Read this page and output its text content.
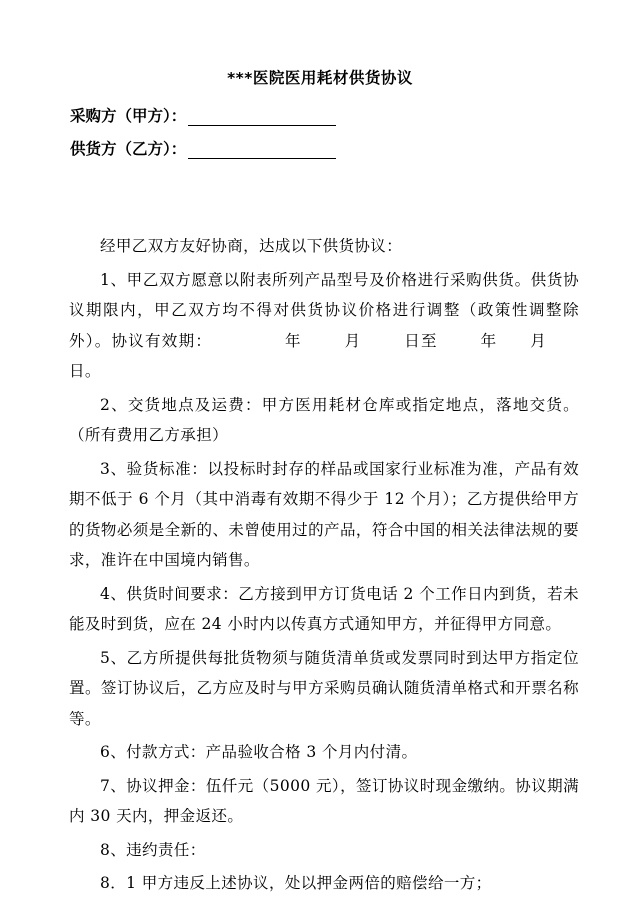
***医院医用耗材供货协议
采购方（甲方）：
供货方（乙方）：

经甲乙双方友好协商，达成以下供货协议：

1、甲乙双方愿意以附表所列产品型号及价格进行采购供货。供货协议期限内，甲乙双方均不得对供货协议价格进行调整（政策性调整除外）。协议有效期：	年	月	日至	年 月日。

2、交货地点及运费：甲方医用耗材仓库或指定地点，落地交货。（所有费用乙方承担）

3、验货标准：以投标时封存的样品或国家行业标准为准，产品有效期不低于 6 个月（其中消毒有效期不得少于 12 个月）；乙方提供给甲方的货物必须是全新的、未曾使用过的产品，符合中国的相关法律法规的要求，准许在中国境内销售。

4、供货时间要求：乙方接到甲方订货电话 2 个工作日内到货，若未能及时到货，应在 24 小时内以传真方式通知甲方，并征得甲方同意。

5、乙方所提供每批货物须与随货清单货或发票同时到达甲方指定位置。签订协议后，乙方应及时与甲方采购员确认随货清单格式和开票名称等。

6、付款方式：产品验收合格 3 个月内付清。

7、协议押金：伍仟元（5000 元），签订协议时现金缴纳。协议期满内 30 天内，押金返还。

8、违约责任：

8．1 甲方违反上述协议，处以押金两倍的赔偿给一方；
